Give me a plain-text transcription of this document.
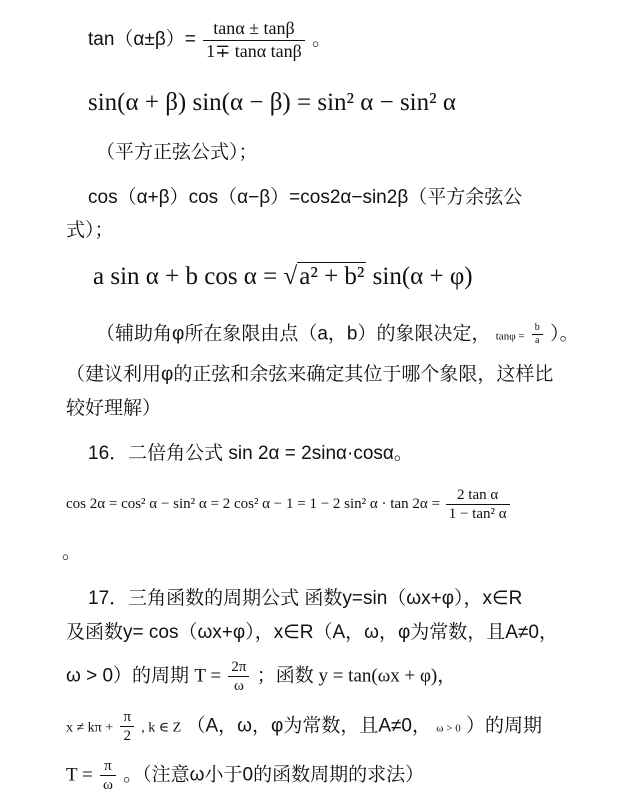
$\tan(\alpha\pm\beta)= \frac{\tan\alpha \pm \tan\beta}{\text{1∓ tanα tanβ}}$ 。
sin(α + β) sin(α − β) = sin² α − sin² α
（平方正弦公式）；
cos（α+β）cos（α−β）=cos2α−sin2β（平方余弦公
式）；
a sin α + b cos α = √a² + b² sin(α + φ)
（辅助角φ所在象限由点（a，b）的象限决定， $\tan\varphi = \frac{b}{a}$ ）。
（建议利用φ的正弦和余弦来确定其位于哪个象限，这样比
较好理解）
16．二倍角公式 sin 2α = 2sinα·cosα。
cos 2α = cos² α − sin² α = 2 cos² α − 1 = 1 − 2 sin² $\alpha \cdot \tan 2\alpha = \frac{\text{2 tan α}}{\text{1 − tan² α}}$
。
17．三角函数的周期公式 函数y=sin（ωx+φ），x∈R
及函数y= cos（ωx+φ），x∈R（A，ω，φ为常数，且A≠0，
ω > 0）的周期 $T = \frac{2\pi}{\omega}$ ；函数 y = tan(ωx + φ)，
$x \ne k\pi + \frac{\pi}{2}$ , k ∈ Z （A，ω，φ为常数，且A≠0， ω > 0 ）的周期
$T = \frac{\pi}{\omega}$ 。（注意ω小于0的函数周期的求法）
